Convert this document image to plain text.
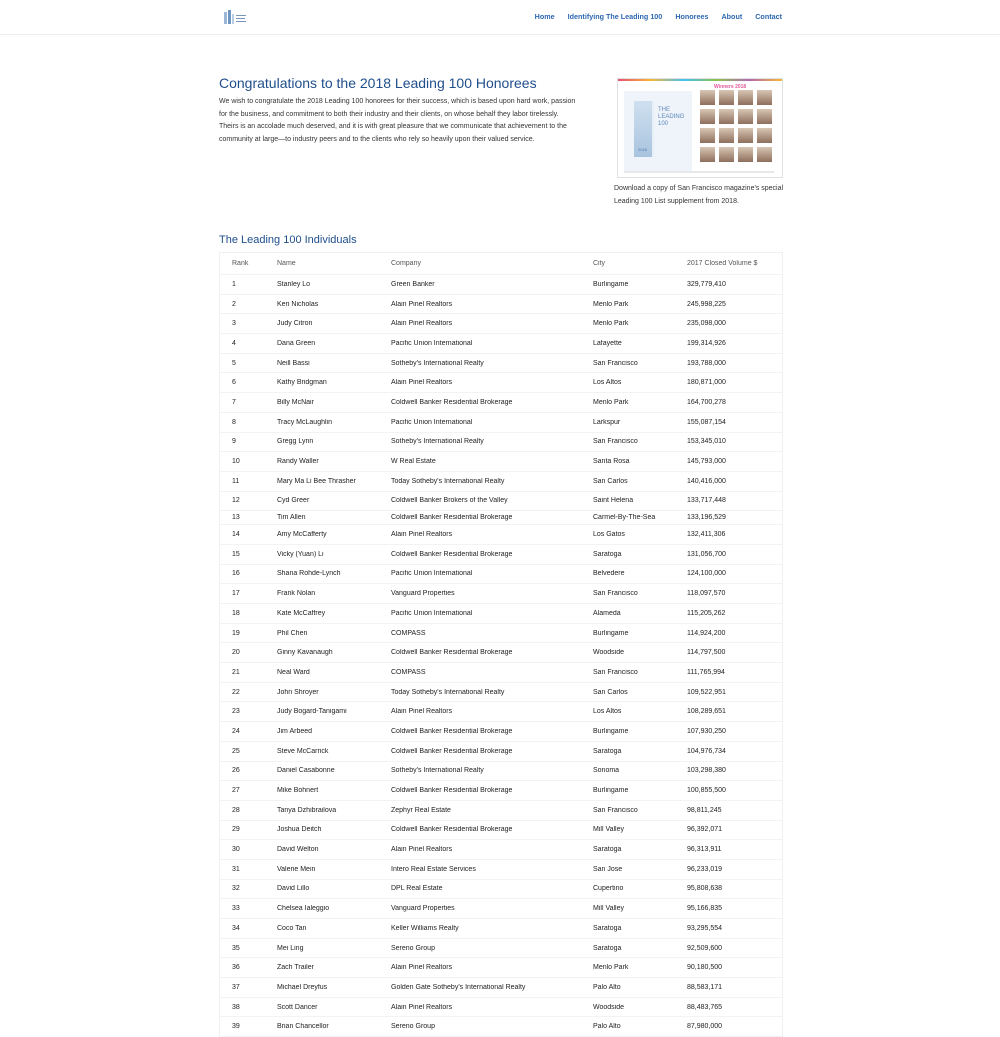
Home Identifying The Leading 100 Honorees About Contact
Congratulations to the 2018 Leading 100 Honorees

We wish to congratulate the 2018 Leading 100 honorees for their success, which is based upon hard work, passion for the business, and commitment to both their industry and their clients, on whose behalf they labor tirelessly. Theirs is an accolade much deserved, and it is with great pleasure that we communicate that achievement to the community at large—to industry peers and to the clients who rely so heavily upon their valued service.

THE LEADING 100
2018
Winners 2018

Download a copy of San Francisco magazine's special Leading 100 List supplement from 2018.

The Leading 100 Individuals
Rank	Name	Company	City	2017 Closed Volume $
1	Stanley Lo	Green Banker	Burlingame	329,779,410
2	Keri Nicholas	Alain Pinel Realtors	Menlo Park	245,998,225
3	Judy Citron	Alain Pinel Realtors	Menlo Park	235,098,000
4	Dana Green	Pacific Union International	Lafayette	199,314,926
5	Neill Bassi	Sotheby's International Realty	San Francisco	193,788,000
6	Kathy Bridgman	Alain Pinel Realtors	Los Altos	180,871,000
7	Billy McNair	Coldwell Banker Residential Brokerage	Menlo Park	164,700,278
8	Tracy McLaughlin	Pacific Union International	Larkspur	155,087,154
9	Gregg Lynn	Sotheby's International Realty	San Francisco	153,345,010
10	Randy Waller	W Real Estate	Santa Rosa	145,793,000
11	Mary Ma Li Bee Thrasher	Today Sotheby's International Realty	San Carlos	140,416,000
12	Cyd Greer	Coldwell Banker Brokers of the Valley	Saint Helena	133,717,448
13	Tim Allen	Coldwell Banker Residential Brokerage	Carmel-By-The-Sea	133,196,529
14	Amy McCafferty	Alain Pinel Realtors	Los Gatos	132,411,306
15	Vicky (Yuan) Li	Coldwell Banker Residential Brokerage	Saratoga	131,056,700
16	Shana Rohde-Lynch	Pacific Union International	Belvedere	124,100,000
17	Frank Nolan	Vanguard Properties	San Francisco	118,097,570
18	Kate McCaffrey	Pacific Union International	Alameda	115,205,262
19	Phil Chen	COMPASS	Burlingame	114,924,200
20	Ginny Kavanaugh	Coldwell Banker Residential Brokerage	Woodside	114,797,500
21	Neal Ward	COMPASS	San Francisco	111,765,994
22	John Shroyer	Today Sotheby's International Realty	San Carlos	109,522,951
23	Judy Bogard-Tanigami	Alain Pinel Realtors	Los Altos	108,289,651
24	Jim Arbeed	Coldwell Banker Residential Brokerage	Burlingame	107,930,250
25	Steve McCarrick	Coldwell Banker Residential Brokerage	Saratoga	104,976,734
26	Daniel Casabonne	Sotheby's International Realty	Sonoma	103,298,380
27	Mike Bohnert	Coldwell Banker Residential Brokerage	Burlingame	100,855,500
28	Tanya Dzhibrailova	Zephyr Real Estate	San Francisco	98,811,245
29	Joshua Deitch	Coldwell Banker Residential Brokerage	Mill Valley	96,392,071
30	David Welton	Alain Pinel Realtors	Saratoga	96,313,911
31	Valerie Mein	Intero Real Estate Services	San Jose	96,233,019
32	David Lillo	DPL Real Estate	Cupertino	95,808,638
33	Chelsea Ialeggio	Vanguard Properties	Mill Valley	95,166,835
34	Coco Tan	Keller Williams Realty	Saratoga	93,295,554
35	Mei Ling	Sereno Group	Saratoga	92,509,600
36	Zach Trailer	Alain Pinel Realtors	Menlo Park	90,180,500
37	Michael Dreyfus	Golden Gate Sotheby's International Realty	Palo Alto	88,583,171
38	Scott Dancer	Alain Pinel Realtors	Woodside	88,483,765
39	Brian Chancellor	Sereno Group	Palo Alto	87,980,000
